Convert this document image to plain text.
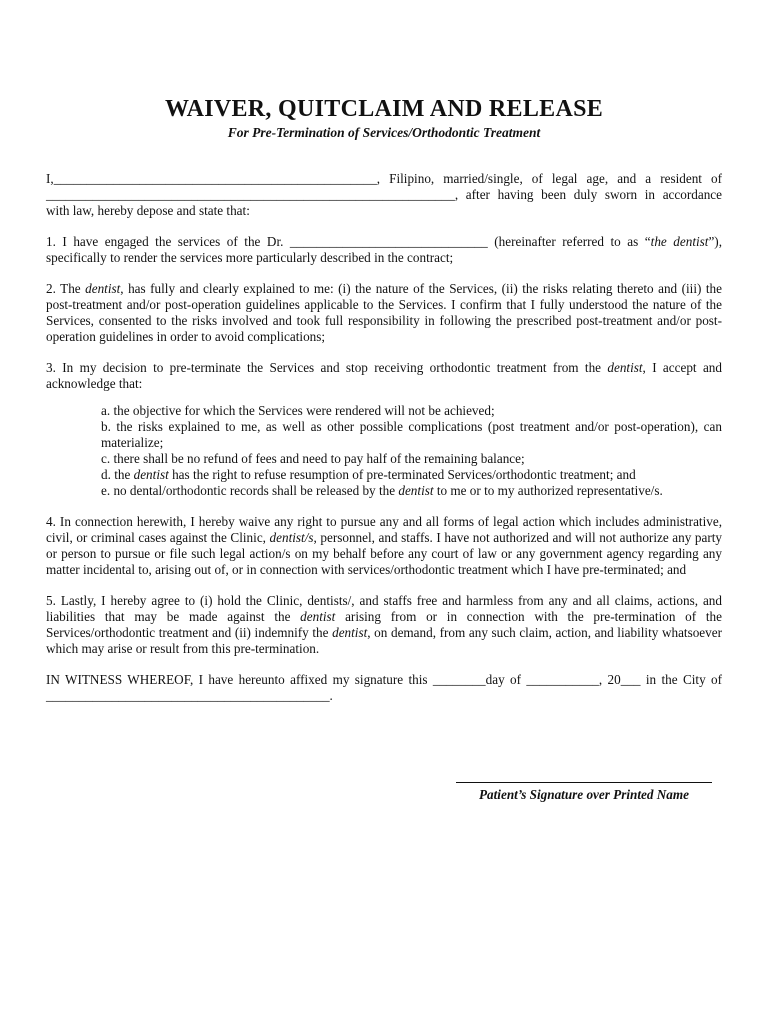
WAIVER, QUITCLAIM AND RELEASE
For Pre-Termination of Services/Orthodontic Treatment

I,_________________________________________________, Filipino, married/single, of legal age, and a resident of
______________________________________________________________, after having been duly sworn in accordance
with law, hereby depose and state that:

1. I have engaged the services of the Dr. ______________________________ (hereinafter referred to as “the dentist”), specifically to render the services more particularly described in the contract;

2. The dentist, has fully and clearly explained to me: (i) the nature of the Services, (ii) the risks relating thereto and (iii) the post-treatment and/or post-operation guidelines applicable to the Services. I confirm that I fully understood the nature of the Services, consented to the risks involved and took full responsibility in following the prescribed post-treatment and/or post-operation guidelines in order to avoid complications;

3. In my decision to pre-terminate the Services and stop receiving orthodontic treatment from the dentist, I accept and acknowledge that:

a. the objective for which the Services were rendered will not be achieved;
b. the risks explained to me, as well as other possible complications (post treatment and/or post-operation), can materialize;
c. there shall be no refund of fees and need to pay half of the remaining balance;
d. the dentist has the right to refuse resumption of pre-terminated Services/orthodontic treatment; and
e. no dental/orthodontic records shall be released by the dentist to me or to my authorized representative/s.

4. In connection herewith, I hereby waive any right to pursue any and all forms of legal action which includes administrative, civil, or criminal cases against the Clinic, dentist/s, personnel, and staffs. I have not authorized and will not authorize any party or person to pursue or file such legal action/s on my behalf before any court of law or any government agency regarding any matter incidental to, arising out of, or in connection with services/orthodontic treatment which I have pre-terminated; and

5. Lastly, I hereby agree to (i) hold the Clinic, dentists/, and staffs free and harmless from any and all claims, actions, and liabilities that may be made against the dentist arising from or in connection with the pre-termination of the Services/orthodontic treatment and (ii) indemnify the dentist, on demand, from any such claim, action, and liability whatsoever which may arise or result from this pre-termination.

IN WITNESS WHEREOF, I have hereunto affixed my signature this ________day of ___________, 20___ in the City of ___________________________________________.

Patient’s Signature over Printed Name
